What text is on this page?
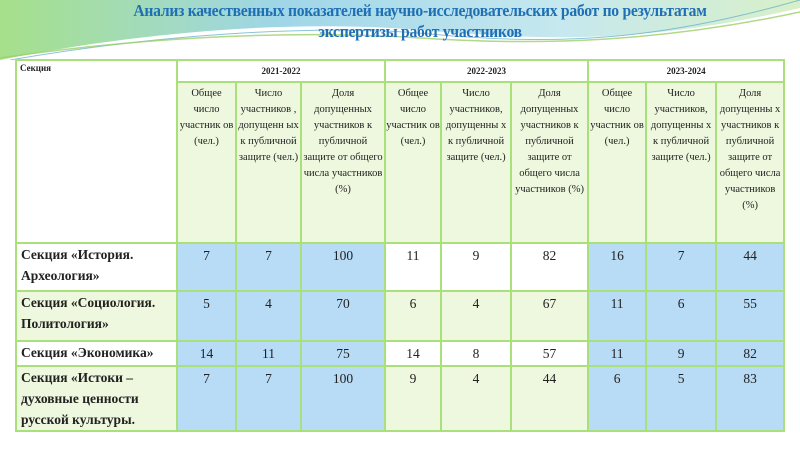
Анализ качественных показателей научно-исследовательских работ по результатам
экспертизы работ участников
Секция	2021-2022			2022-2023			2023-2024		
	Общее число участник ов (чел.)	Число участников , допущенн ых к публичной защите (чел.)	Доля допущенных участников к публичной защите от общего числа участников (%)	Общее число участник ов (чел.)	Число участников, допущенны х к публичной защите (чел.)	Доля допущенных участников к публичной защите от общего числа участников (%)	Общее число участник ов (чел.)	Число участников, допущенны х к публичной защите (чел.)	Доля допущенны х участников к публичной защите от общего числа участников (%)
Секция «История. Археология»	7	7	100	11	9	82	16	7	44
Секция «Социология. Политология»	5	4	70	6	4	67	11	6	55
Секция «Экономика»	14	11	75	14	8	57	11	9	82
Секция «Истоки – духовные ценности русской культуры.	7	7	100	9	4	44	6	5	83
